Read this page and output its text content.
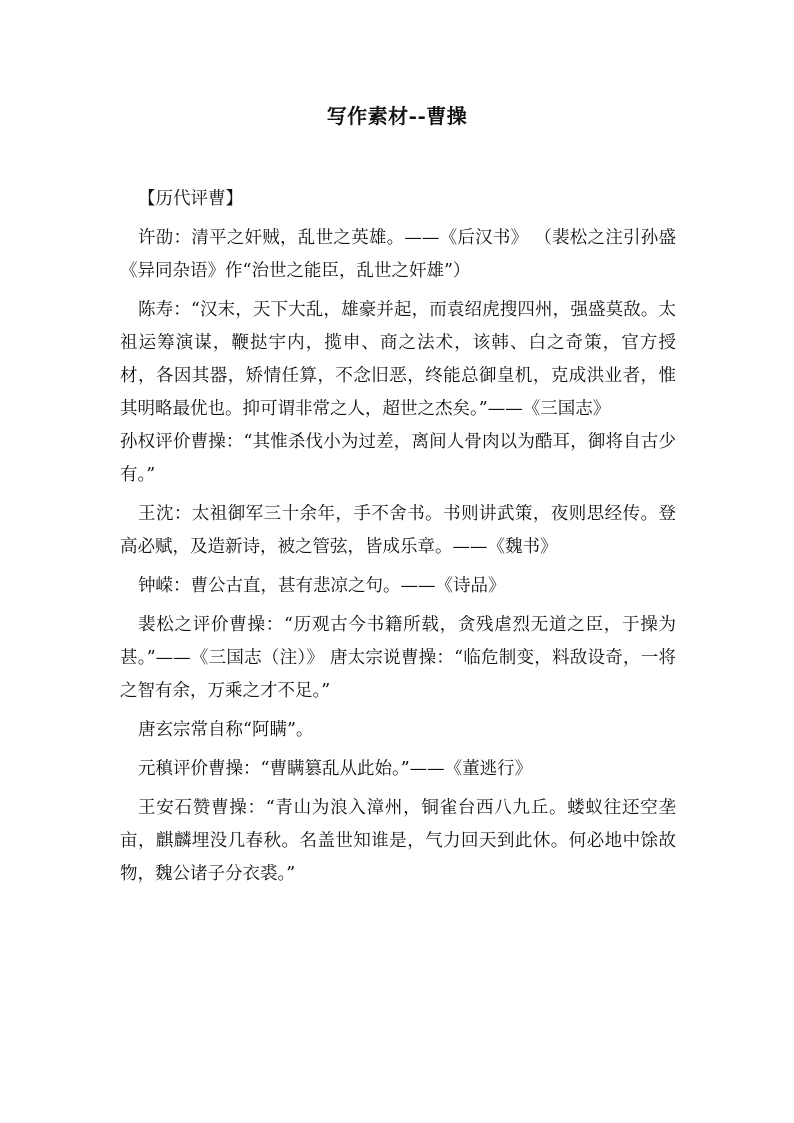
写作素材--曹操
【历代评曹】

许劭：清平之奸贼，乱世之英雄。——《后汉书》 （裴松之注引孙盛《异同杂语》作“治世之能臣，乱世之奸雄”）

陈寿：“汉末，天下大乱，雄豪并起，而袁绍虎搜四州，强盛莫敌。太祖运筹演谋，鞭挞宇内，揽申、商之法术，该韩、白之奇策，官方授材，各因其器，矫情任算，不念旧恶，终能总御皇机，克成洪业者，惟其明略最优也。抑可谓非常之人，超世之杰矣。”——《三国志》

孙权评价曹操：“其惟杀伐小为过差，离间人骨肉以为酷耳，御将自古少有。”

王沈：太祖御军三十余年，手不舍书。书则讲武策，夜则思经传。登高必赋，及造新诗，被之管弦，皆成乐章。——《魏书》

钟嵘：曹公古直，甚有悲凉之句。——《诗品》

裴松之评价曹操：“历观古今书籍所载，贪残虐烈无道之臣，于操为甚。”——《三国志（注）》 唐太宗说曹操：“临危制变，料敌设奇，一将之智有余，万乘之才不足。”

唐玄宗常自称“阿瞒”。

元稹评价曹操：“曹瞒篡乱从此始。”——《董逃行》

王安石赞曹操：“青山为浪入漳州，铜雀台西八九丘。蝼蚁往还空垄亩，麒麟埋没几春秋。名盖世知谁是，气力回天到此休。何必地中馀故物，魏公诸子分衣裘。”
